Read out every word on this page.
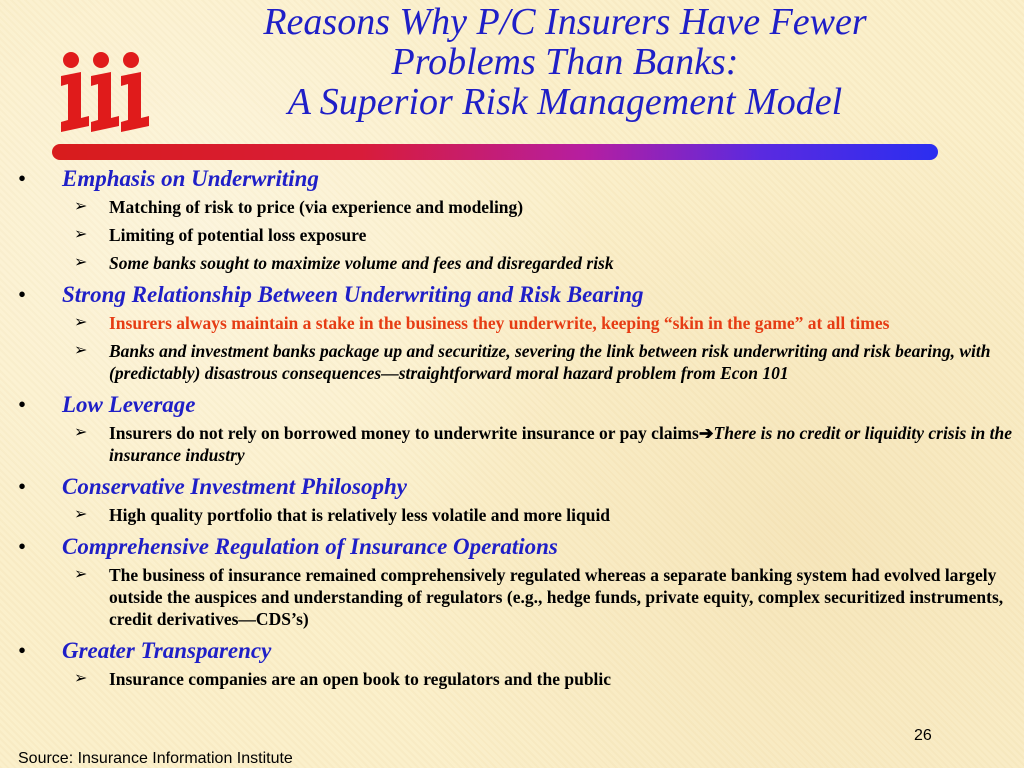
Reasons Why P/C Insurers Have Fewer
Problems Than Banks:
A Superior Risk Management Model
• Emphasis on Underwriting
➢ Matching of risk to price (via experience and modeling)
➢ Limiting of potential loss exposure
➢ Some banks sought to maximize volume and fees and disregarded risk
• Strong Relationship Between Underwriting and Risk Bearing
➢ Insurers always maintain a stake in the business they underwrite, keeping “skin in the game” at all times
➢ Banks and investment banks package up and securitize, severing the link between risk underwriting and risk bearing, with (predictably) disastrous consequences—straightforward moral hazard problem from Econ 101
• Low Leverage
➢ Insurers do not rely on borrowed money to underwrite insurance or pay claims➔There is no credit or liquidity crisis in the insurance industry
• Conservative Investment Philosophy
➢ High quality portfolio that is relatively less volatile and more liquid
• Comprehensive Regulation of Insurance Operations
➢ The business of insurance remained comprehensively regulated whereas a separate banking system had evolved largely outside the auspices and understanding of regulators (e.g., hedge funds, private equity, complex securitized instruments, credit derivatives—CDS’s)
• Greater Transparency
➢ Insurance companies are an open book to regulators and the public
26
Source: Insurance Information Institute
